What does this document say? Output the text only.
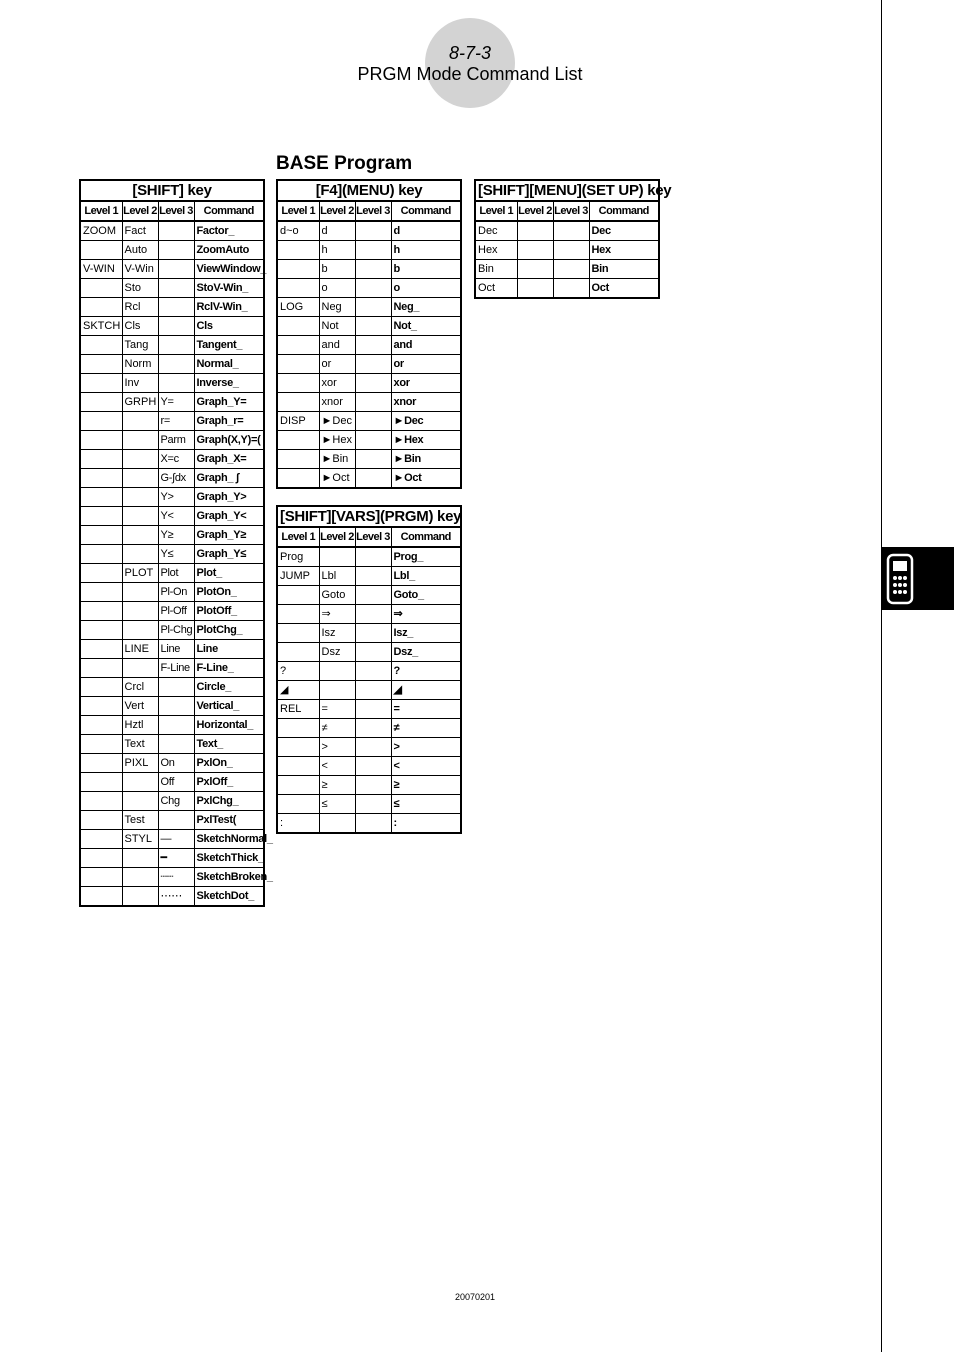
8-7-3
PRGM Mode Command List
BASE Program
[SHIFT] key			
Level 1	Level 2	Level 3	Command
ZOOM	Fact		Factor_
	Auto		ZoomAuto
V-WIN	V-Win		ViewWindow_
	Sto		StoV-Win_
	Rcl		RclV-Win_
SKTCH	Cls		Cls
	Tang		Tangent_
	Norm		Normal_
	Inv		Inverse_
	GRPH	Y=	Graph_Y=
		r=	Graph_r=
		Parm	Graph(X,Y)=(
		X=c	Graph_X=
		G-∫dx	Graph_ ∫
		Y>	Graph_Y>
		Y<	Graph_Y<
		Y≥	Graph_Y≥
		Y≤	Graph_Y≤
	PLOT	Plot	Plot_
		Pl-On	PlotOn_
		Pl-Off	PlotOff_
		Pl-Chg	PlotChg_
	LINE	Line	Line
		F-Line	F-Line_
	Crcl		Circle_
	Vert		Vertical_
	Hztl		Horizontal_
	Text		Text_
	PIXL	On	PxlOn_
		Off	PxlOff_
		Chg	PxlChg_
	Test		PxlTest(
	STYL	—	SketchNormal_
		━	SketchThick_
		┄┄	SketchBroken_
		⋯⋯	SketchDot_
[F4](MENU) key			
Level 1	Level 2	Level 3	Command
d~o	d		d
	h		h
	b		b
	o		o
LOG	Neg		Neg_
	Not		Not_
	and		and
	or		or
	xor		xor
	xnor		xnor
DISP	►Dec		►Dec
	►Hex		►Hex
	►Bin		►Bin
	►Oct		►Oct
[SHIFT][VARS](PRGM) key			
Level 1	Level 2	Level 3	Command
Prog			Prog_
JUMP	Lbl		Lbl_
	Goto		Goto_
	⇒		⇒
	Isz		Isz_
	Dsz		Dsz_
?			?
◢			◢
REL	=		=
	≠		≠
	>		>
	<		<
	≥		≥
	≤		≤
:			:
[SHIFT][MENU](SET UP) key			
Level 1	Level 2	Level 3	Command
Dec			Dec
Hex			Hex
Bin			Bin
Oct			Oct
20070201
